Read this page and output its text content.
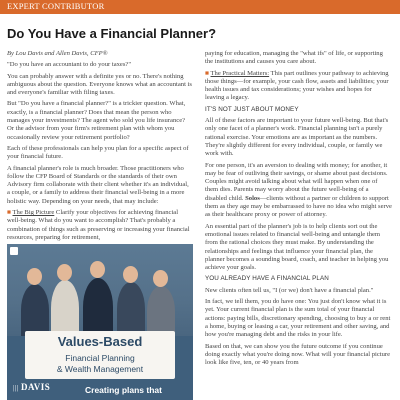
EXPERT CONTRIBUTOR
Do You Have a Financial Planner?

By Lou Davis and Allen Davis, CFP®

"Do you have an accountant to do your taxes?"

You can probably answer with a definite yes or no. There's nothing ambiguous about the question. Everyone knows what an accountant is and everyone's familiar with filing taxes.

But "Do you have a financial planner?" is a trickier question. What, exactly, is a financial planner? Does that mean the person who manages your investments? The agent who sold you life insurance? Or the advisor from your firm's retirement plan with whom you occasionally review your retirement portfolio?

Each of these professionals can help you plan for a specific aspect of your financial future.

A financial planner's role is much broader. Those practitioners who follow the CFP Board of Standards or the standards of their own Advisory firm collaborate with their client whether it's an individual, a couple, or a family to address their financial well-being in a more holistic way. Depending on your needs, that may include:

■ The Big Picture Clarify your objectives for achieving financial well-being. What do you want to accomplish? That's probably a combination of things such as preserving or increasing your financial resources, preparing for retirement,

paying for education, managing the "what ifs" of life, or supporting the institutions and causes you care about.

■ The Practical Matters: This part outlines your pathway to achieving those things—for example, your cash flow, assets and liabilities; your health issues and tax considerations; your wishes and hopes for leaving a legacy.

IT'S NOT JUST ABOUT MONEY

All of these factors are important to your future well-being. But that's only one facet of a planner's work. Financial planning isn't a purely rational exercise. Your emotions are as important as the numbers. They're slightly different for every individual, couple, or family we work with.

For one person, it's an aversion to dealing with money; for another, it may be fear of outliving their savings, or shame about past decisions. Couples might avoid talking about what will happen when one of them dies. Parents may worry about the future well-being of a disabled child. Solos—clients without a partner or children to support them as they age may be embarrassed to have no idea who might serve as their healthcare proxy or power of attorney.

An essential part of the planner's job is to help clients sort out the emotional issues related to financial well-being and untangle them from the rational choices they must make. By understanding the relationships and feelings that influence your financial plan, the planner becomes a sounding board, coach, and teacher in helping you achieve your goals.

YOU ALREADY HAVE A FINANCIAL PLAN

New clients often tell us, "I (or we) don't have a financial plan."

In fact, we tell them, you do have one: You just don't know what it is yet. Your current financial plan is the sum total of your financial actions: paying bills, discretionary spending, choosing to buy a or rent a home, buying or leasing a car, your retirement and other saving, and how you're managing debt and the risks in your life.

Based on that, we can show you the future outcome if you continue doing exactly what you're doing now. What will your financial picture look like five, ten, or 40 years from

Values-Based
Financial Planning
& Wealth Management
||| DAVIS	Creating plans that
